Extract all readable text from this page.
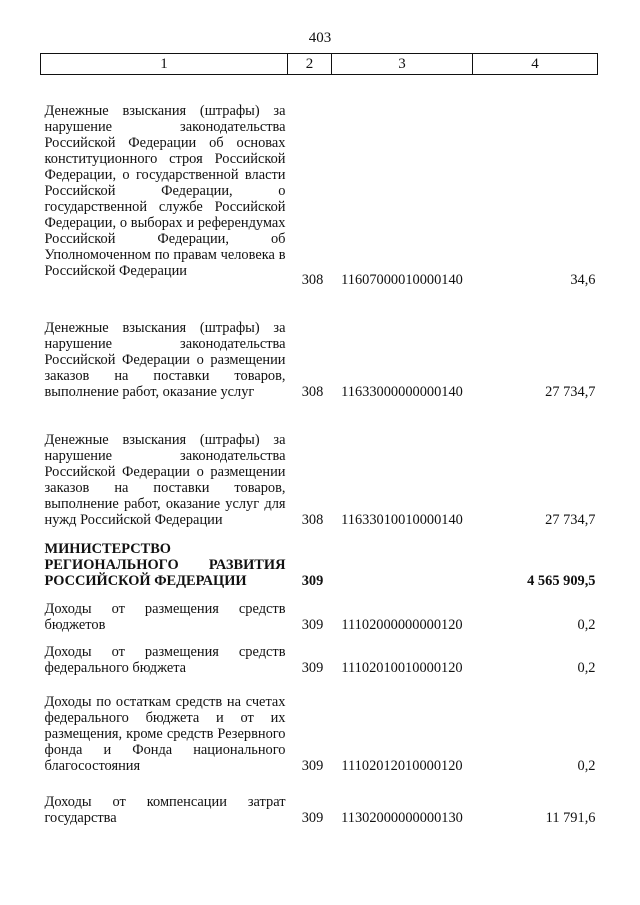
403
1	2	3	4
Денежные взыскания (штрафы) за нарушение законодательства Российской Федерации об основах конституционного строя Российской Федерации, о государственной власти Российской Федерации, о государственной службе Российской Федерации, о выборах и референдумах Российской Федерации, об Уполномоченном по правам человека в Российской Федерации	308	11607000010000140	34,6
Денежные взыскания (штрафы) за нарушение законодательства Российской Федерации о размещении заказов на поставки товаров, выполнение работ, оказание услуг	308	11633000000000140	27 734,7
Денежные взыскания (штрафы) за нарушение законодательства Российской Федерации о размещении заказов на поставки товаров, выполнение работ, оказание услуг для нужд Российской Федерации	308	11633010010000140	27 734,7
МИНИСТЕРСТВО РЕГИОНАЛЬНОГО РАЗВИТИЯ РОССИЙСКОЙ ФЕДЕРАЦИИ	309		4 565 909,5
Доходы от размещения средств бюджетов	309	11102000000000120	0,2
Доходы от размещения средств федерального бюджета	309	11102010010000120	0,2
Доходы по остаткам средств на счетах федерального бюджета и от их размещения, кроме средств Резервного фонда и Фонда национального благосостояния	309	11102012010000120	0,2
Доходы от компенсации затрат государства	309	11302000000000130	11 791,6
